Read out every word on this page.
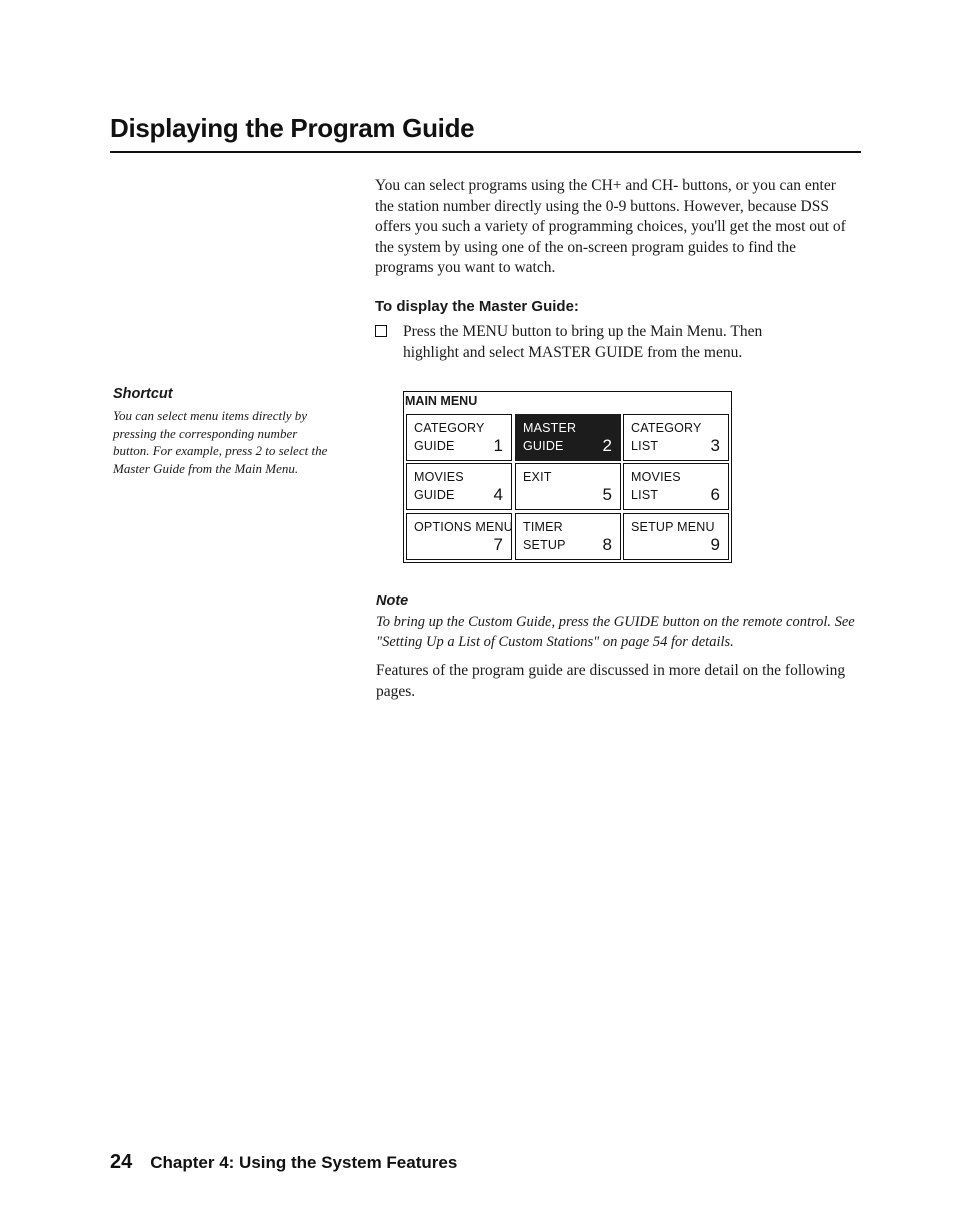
Displaying the Program Guide

You can select programs using the CH+ and CH- buttons, or you can enter the station number directly using the 0-9 buttons. However, because DSS offers you such a variety of programming choices, you'll get the most out of the system by using one of the on-screen program guides to find the programs you want to watch.

To display the Master Guide:
Press the MENU button to bring up the Main Menu. Then highlight and select MASTER GUIDE from the menu.
Shortcut

You can select menu items directly by pressing the corresponding number button. For example, press 2 to select the Master Guide from the Main Menu.

MAIN MENU
CATEGORY
GUIDE 1
MASTER
GUIDE 2
CATEGORY
LIST	3
MOVIES
GUIDE 4
EXIT
5
MOVIES
LIST	6
OPTIONS MENU
7
TIMER
SETUP 8
SETUP MENU
9
Note

To bring up the Custom Guide, press the GUIDE button on the remote control. See "Setting Up a List of Custom Stations" on page 54 for details.

Features of the program guide are discussed in more detail on the following pages.

24 Chapter 4: Using the System Features
